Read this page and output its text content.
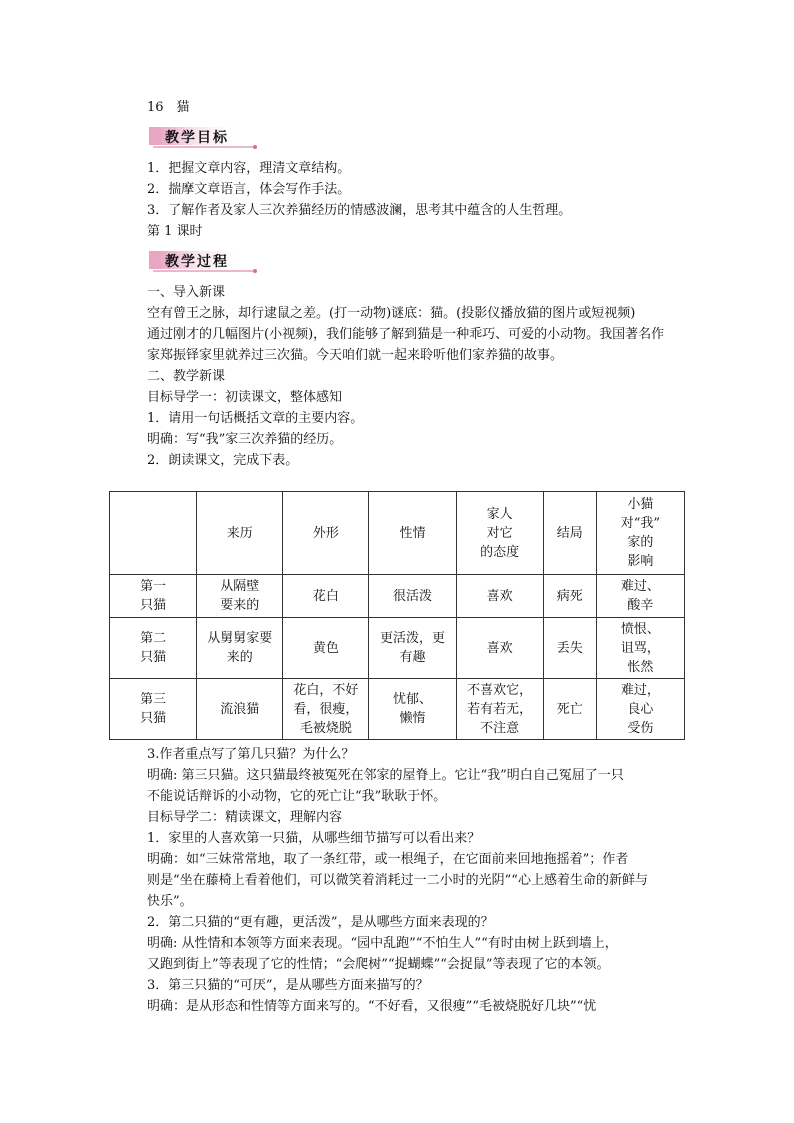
16　猫
教学目标
1．把握文章内容，理清文章结构。
2．揣摩文章语言，体会写作手法。
3．了解作者及家人三次养猫经历的情感波澜，思考其中蕴含的人生哲理。
第 1 课时
教学过程
一、导入新课
空有曾王之脉，却行逮鼠之差。(打一动物)谜底：猫。(投影仪播放猫的图片或短视频)
通过刚才的几幅图片(小视频)，我们能够了解到猫是一种乖巧、可爱的小动物。我国著名作
家郑振铎家里就养过三次猫。今天咱们就一起来聆听他们家养猫的故事。
二、教学新课
目标导学一：初读课文，整体感知
1．请用一句话概括文章的主要内容。
明确：写“我”家三次养猫的经历。
2．朗读课文，完成下表。
	来历	外形	性情	家人
对它
的态度	结局	小猫
对“我”
家的
影响

第一
只猫	从隔壁
要来的	花白	很活泼	喜欢	病死	难过、
酸辛

第二
只猫	从舅舅家要
来的	黄色	更活泼，更
有趣	喜欢	丢失	愤恨、
诅骂，
怅然

第三
只猫	流浪猫	花白，不好
看，很瘦，
毛被烧脱	忧郁、
懒惰	不喜欢它，
若有若无，
不注意	死亡	难过，
良心
受伤
3.作者重点写了第几只猫？为什么？
明确: 第三只猫。这只猫最终被冤死在邻家的屋脊上。它让“我”明白自己冤屈了一只
不能说话辩诉的小动物，它的死亡让“我”耿耿于怀。
目标导学二：精读课文，理解内容
1．家里的人喜欢第一只猫，从哪些细节描写可以看出来？
明确：如“三妹常常地，取了一条红带，或一根绳子，在它面前来回地拖摇着”；作者
则是“坐在藤椅上看着他们，可以微笑着消耗过一二小时的光阴”“心上感着生命的新鲜与
快乐”。
2．第二只猫的“更有趣，更活泼”，是从哪些方面来表现的？
明确: 从性情和本领等方面来表现。“园中乱跑”“不怕生人”“有时由树上跃到墙上，
又跑到街上”等表现了它的性情；“会爬树”“捉蝴蝶”“会捉鼠”等表现了它的本领。
3．第三只猫的“可厌”，是从哪些方面来描写的？
明确：是从形态和性情等方面来写的。“不好看，又很瘦”“毛被烧脱好几块”“忧
